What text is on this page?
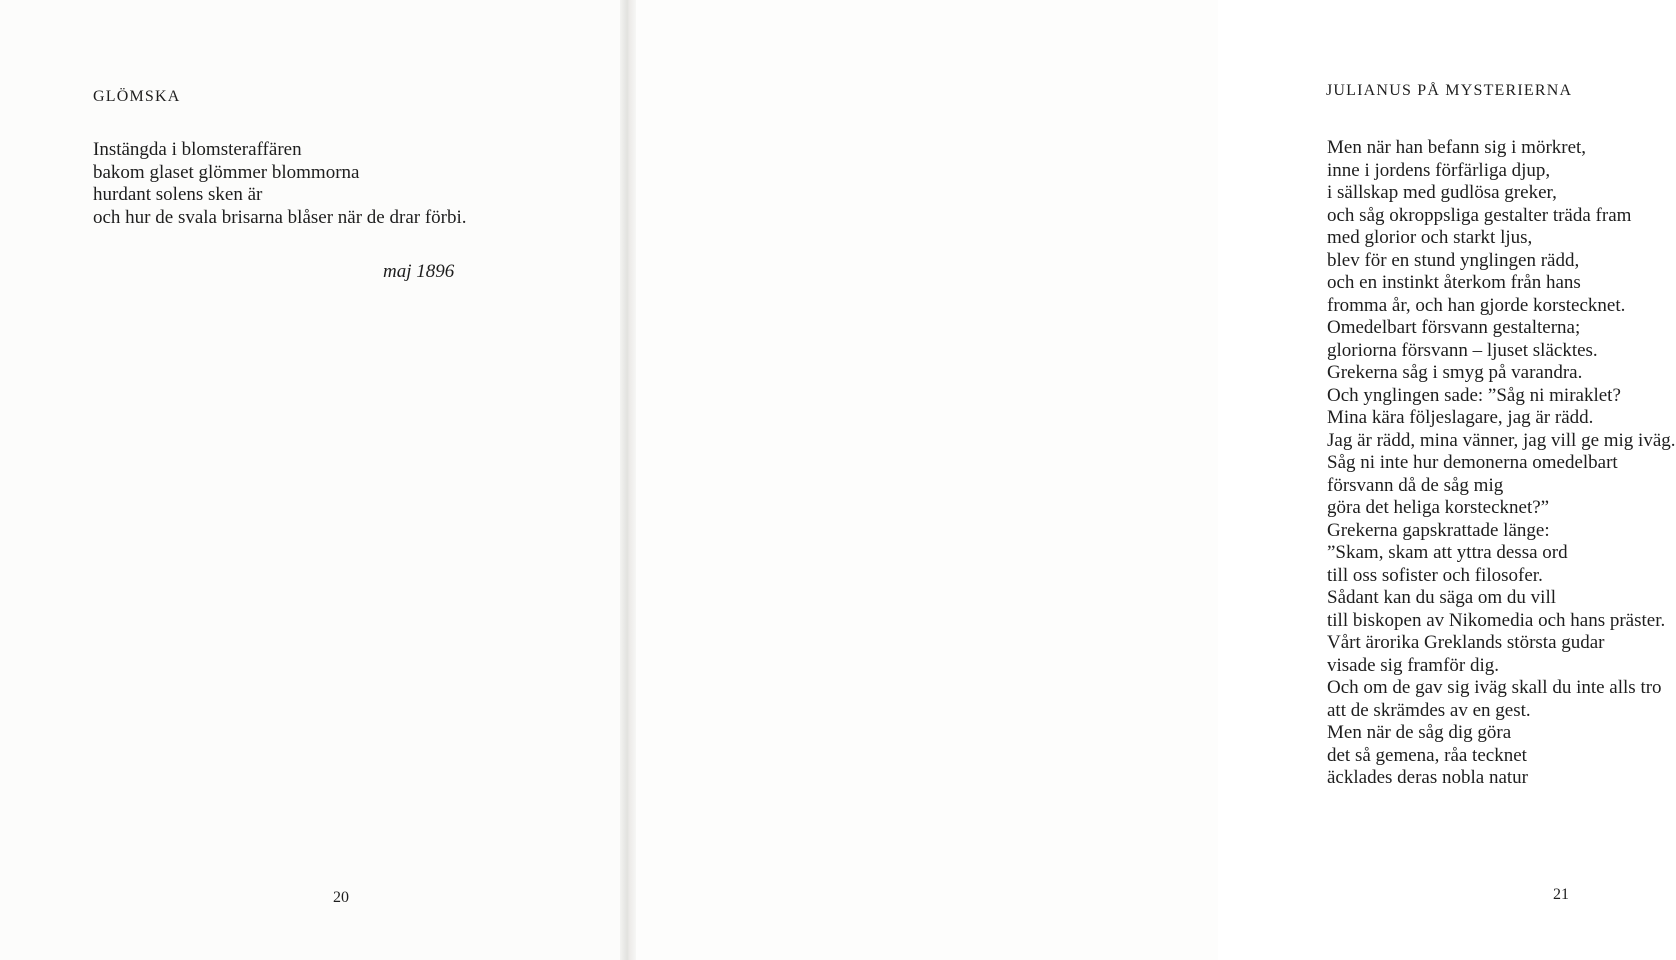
GLÖMSKA
Instängda i blomsteraffären
bakom glaset glömmer blommorna
hurdant solens sken är
och hur de svala brisarna blåser när de drar förbi.
maj 1896
20
JULIANUS PÅ MYSTERIERNA
Men när han befann sig i mörkret,
inne i jordens förfärliga djup,
i sällskap med gudlösa greker,
och såg okroppsliga gestalter träda fram
med glorior och starkt ljus,
blev för en stund ynglingen rädd,
och en instinkt återkom från hans
fromma år, och han gjorde korstecknet.
Omedelbart försvann gestalterna;
gloriorna försvann – ljuset släcktes.
Grekerna såg i smyg på varandra.
Och ynglingen sade: ”Såg ni miraklet?
Mina kära följeslagare, jag är rädd.
Jag är rädd, mina vänner, jag vill ge mig iväg.
Såg ni inte hur demonerna omedelbart
försvann då de såg mig
göra det heliga korstecknet?”
Grekerna gapskrattade länge:
”Skam, skam att yttra dessa ord
till oss sofister och filosofer.
Sådant kan du säga om du vill
till biskopen av Nikomedia och hans präster.
Vårt ärorika Greklands största gudar
visade sig framför dig.
Och om de gav sig iväg skall du inte alls tro
att de skrämdes av en gest.
Men när de såg dig göra
det så gemena, råa tecknet
äcklades deras nobla natur
21
